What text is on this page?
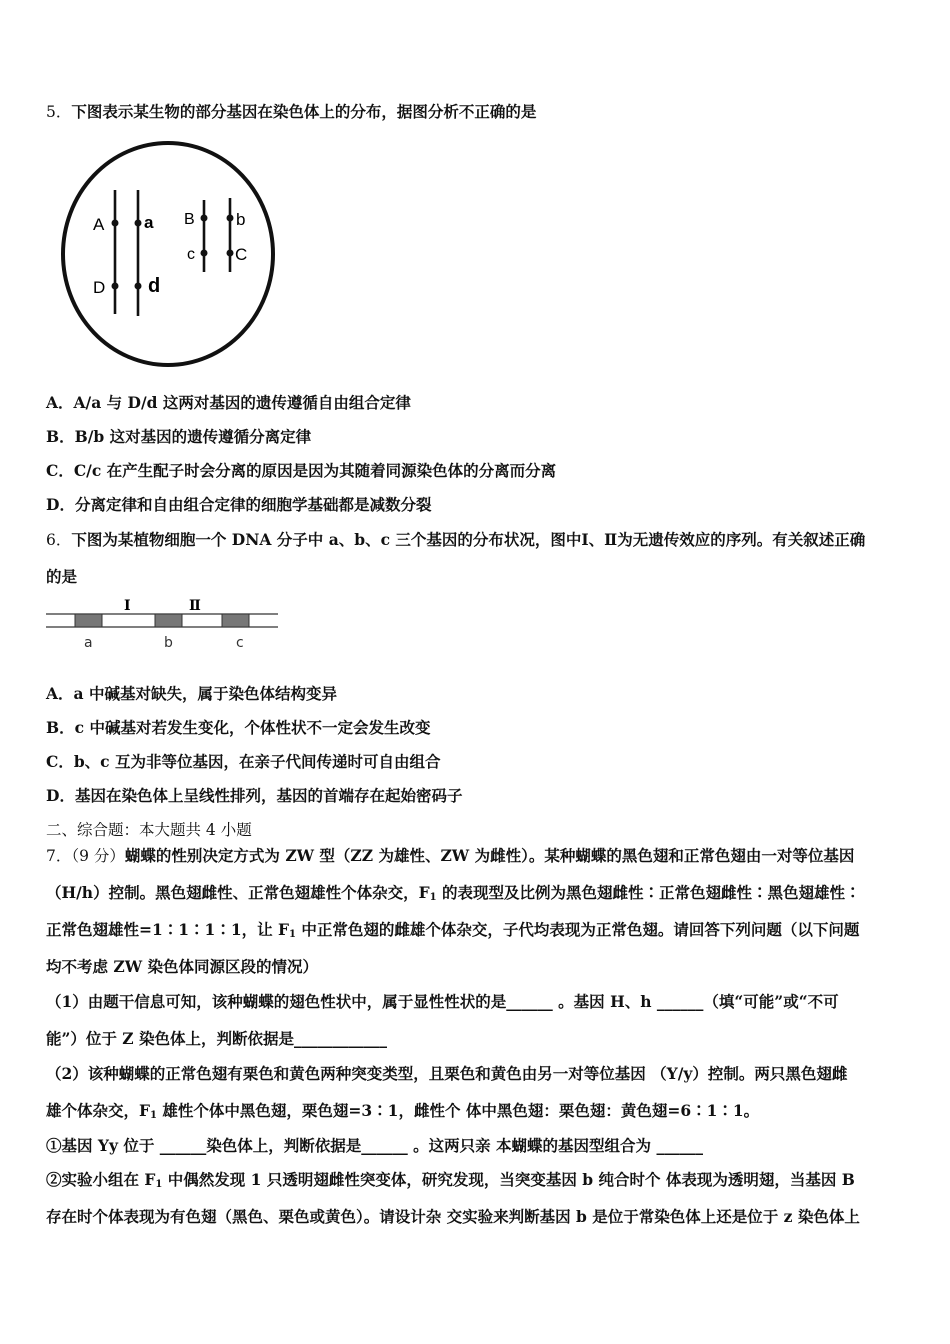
5．下图表示某生物的部分基因在染色体上的分布，据图分析不正确的是
A a
D d
B b
c C
A．A/a 与 D/d 这两对基因的遗传遵循自由组合定律
B．B/b 这对基因的遗传遵循分离定律
C．C/c 在产生配子时会分离的原因是因为其随着同源染色体的分离而分离
D．分离定律和自由组合定律的细胞学基础都是减数分裂
6．下图为某植物细胞一个 DNA 分子中 a、b、c 三个基因的分布状况，图中Ⅰ、Ⅱ为无遗传效应的序列。有关叙述正确
的是
Ⅰ	Ⅱ
a	b	c
A．a 中碱基对缺失，属于染色体结构变异
B．c 中碱基对若发生变化，个体性状不一定会发生改变
C．b、c 互为非等位基因，在亲子代间传递时可自由组合
D．基因在染色体上呈线性排列，基因的首端存在起始密码子
二、综合题：本大题共 4 小题
7．（9 分）蝴蝶的性别决定方式为 ZW 型（ZZ 为雄性、ZW 为雌性）。某种蝴蝶的黑色翅和正常色翅由一对等位基因
（H/h）控制。黑色翅雌性、正常色翅雄性个体杂交，$F_1$ 的表现型及比例为黑色翅雌性∶正常色翅雌性∶黑色翅雄性∶
正常色翅雄性=1∶1∶1∶1，让 $F_1$ 中正常色翅的雌雄个体杂交，子代均表现为正常色翅。请回答下列问题（以下问题
均不考虑 ZW 染色体同源区段的情况）
（1）由题干信息可知，该种蝴蝶的翅色性状中，属于显性性状的是______ 。基因 H、h ______（填“可能”或“不可
能”）位于 Z 染色体上，判断依据是____________
（2）该种蝴蝶的正常色翅有栗色和黄色两种突变类型，且栗色和黄色由另一对等位基因 （Y/y）控制。两只黑色翅雌
雄个体杂交，$F_1$ 雄性个体中黑色翅，栗色翅=3∶1，雌性个 体中黑色翅：栗色翅：黄色翅=6∶1∶1。
①基因 Yy 位于 ______染色体上，判断依据是______ 。这两只亲 本蝴蝶的基因型组合为 ______
②实验小组在 $F_1$ 中偶然发现 1 只透明翅雌性突变体，研究发现，当突变基因 b 纯合时个 体表现为透明翅，当基因 B
存在时个体表现为有色翅（黑色、栗色或黄色）。请设计杂 交实验来判断基因 b 是位于常染色体上还是位于 z 染色体上
